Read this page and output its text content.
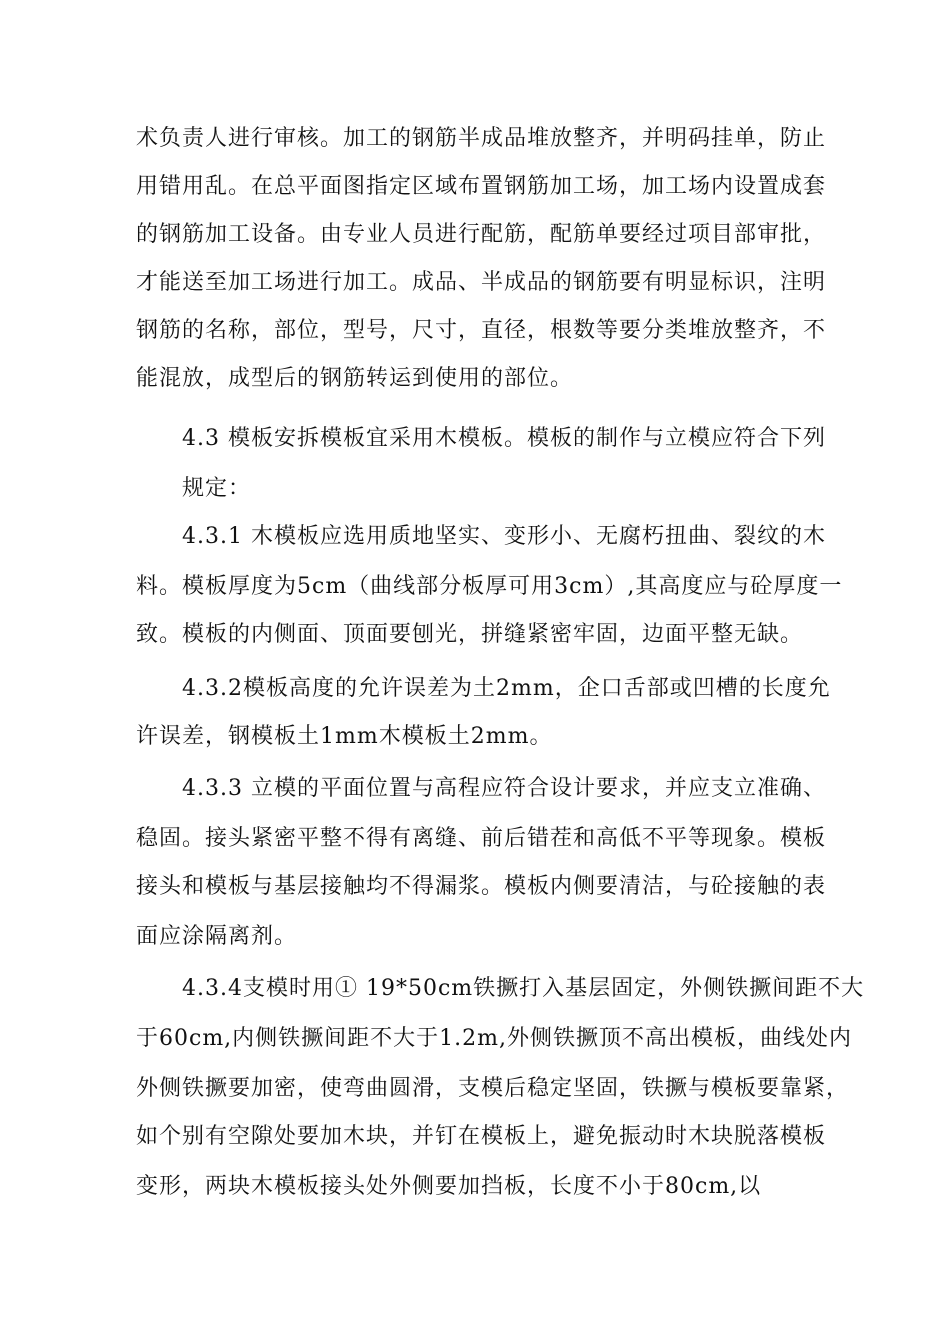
术负责人进行审核。加工的钢筋半成品堆放整齐，并明码挂单，防止
用错用乱。在总平面图指定区域布置钢筋加工场，加工场内设置成套
的钢筋加工设备。由专业人员进行配筋，配筋单要经过项目部审批，
才能送至加工场进行加工。成品、半成品的钢筋要有明显标识，注明
钢筋的名称，部位，型号，尺寸，直径，根数等要分类堆放整齐，不
能混放，成型后的钢筋转运到使用的部位。
4.3 模板安拆模板宜采用木模板。模板的制作与立模应符合下列
规定：
4.3.1 木模板应选用质地坚实、变形小、无腐朽扭曲、裂纹的木
料。模板厚度为5cm（曲线部分板厚可用3cm）,其高度应与砼厚度一
致。模板的内侧面、顶面要刨光，拼缝紧密牢固，边面平整无缺。
4.3.2模板高度的允许误差为土2mm，企口舌部或凹槽的长度允
许误差，钢模板土1mm木模板土2mm。
4.3.3 立模的平面位置与高程应符合设计要求，并应支立准确、
稳固。接头紧密平整不得有离缝、前后错茬和高低不平等现象。模板
接头和模板与基层接触均不得漏浆。模板内侧要清洁，与砼接触的表
面应涂隔离剂。
4.3.4支模时用① 19*50cm铁撅打入基层固定，外侧铁撅间距不大
于60cm,内侧铁撅间距不大于1.2m,外侧铁撅顶不高出模板，曲线处内
外侧铁撅要加密，使弯曲圆滑，支模后稳定坚固，铁撅与模板要靠紧，
如个别有空隙处要加木块，并钉在模板上，避免振动时木块脱落模板
变形，两块木模板接头处外侧要加挡板，长度不小于80cm,以
